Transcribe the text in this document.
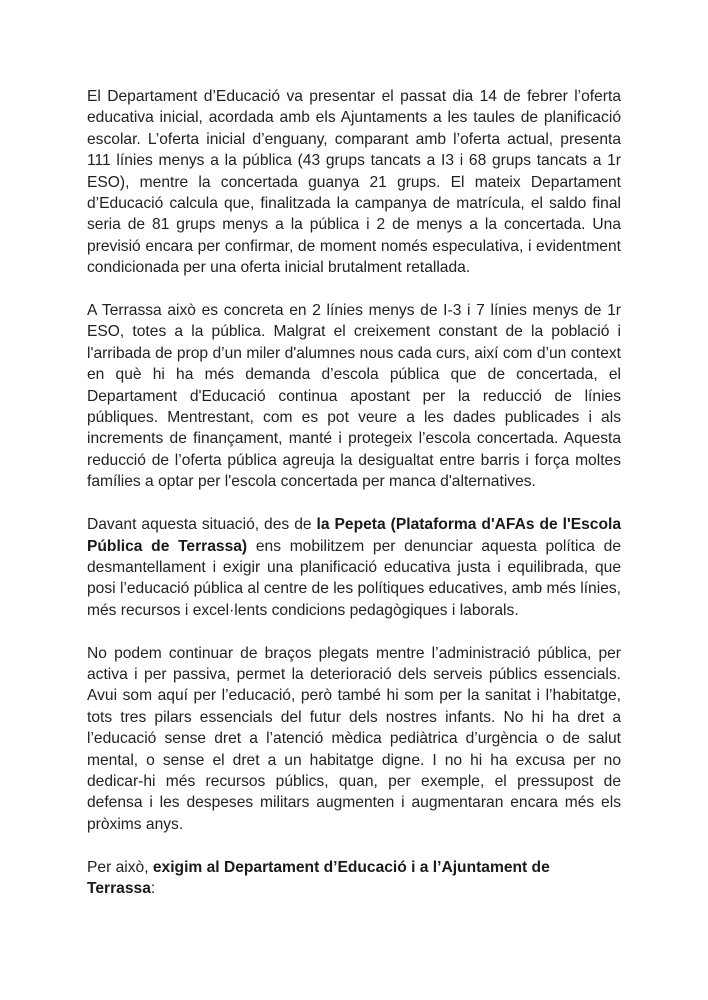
El Departament d’Educació va presentar el passat dia 14 de febrer l’oferta educativa inicial, acordada amb els Ajuntaments a les taules de planificació escolar. L’oferta inicial d’enguany, comparant amb l’oferta actual, presenta 111 línies menys a la pública (43 grups tancats a I3 i 68 grups tancats a 1r ESO), mentre la concertada guanya 21 grups. El mateix Departament d’Educació calcula que, finalitzada la campanya de matrícula, el saldo final seria de 81 grups menys a la pública i 2 de menys a la concertada. Una previsió encara per confirmar, de moment només especulativa, i evidentment condicionada per una oferta inicial brutalment retallada.

A Terrassa això es concreta en 2 línies menys de I-3 i 7 línies menys de 1r ESO, totes a la pública. Malgrat el creixement constant de la població i l'arribada de prop d’un miler d'alumnes nous cada curs, així com d’un context en què hi ha més demanda d’escola pública que de concertada, el Departament d'Educació continua apostant per la reducció de línies públiques. Mentrestant, com es pot veure a les dades publicades i als increments de finançament, manté i protegeix l’escola concertada. Aquesta reducció de l’oferta pública agreuja la desigualtat entre barris i força moltes famílies a optar per l'escola concertada per manca d'alternatives.

Davant aquesta situació, des de la Pepeta (Plataforma d'AFAs de l'Escola Pública de Terrassa) ens mobilitzem per denunciar aquesta política de desmantellament i exigir una planificació educativa justa i equilibrada, que posi l’educació pública al centre de les polítiques educatives, amb més línies, més recursos i excel·lents condicions pedagògiques i laborals.

No podem continuar de braços plegats mentre l’administració pública, per activa i per passiva, permet la deterioració dels serveis públics essencials. Avui som aquí per l’educació, però també hi som per la sanitat i l’habitatge, tots tres pilars essencials del futur dels nostres infants. No hi ha dret a l’educació sense dret a l’atenció mèdica pediàtrica d’urgència o de salut mental, o sense el dret a un habitatge digne. I no hi ha excusa per no dedicar-hi més recursos públics, quan, per exemple, el pressupost de defensa i les despeses militars augmenten i augmentaran encara més els pròxims anys.

Per això, exigim al Departament d’Educació i a l’Ajuntament de Terrassa:
